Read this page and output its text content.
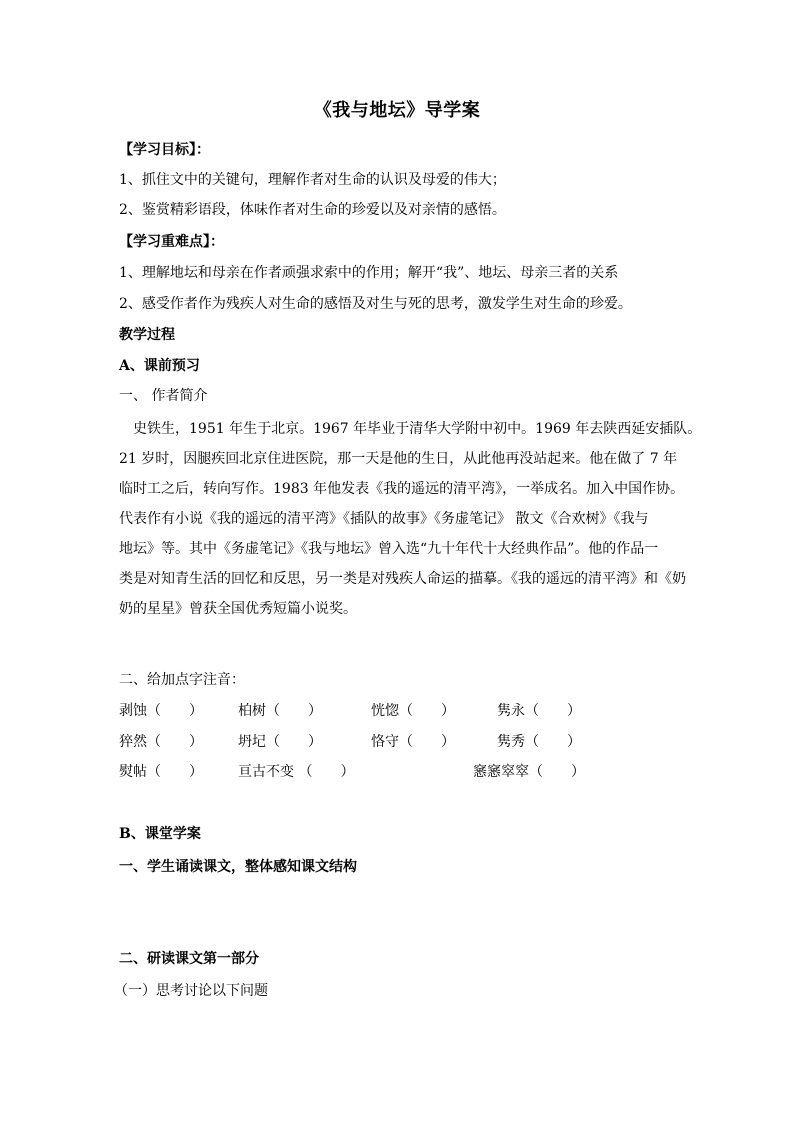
《我与地坛》导学案
【学习目标】：
1、抓住文中的关键句，理解作者对生命的认识及母爱的伟大；
2、鉴赏精彩语段，体味作者对生命的珍爱以及对亲情的感悟。
【学习重难点】：
1、理解地坛和母亲在作者顽强求索中的作用；解开“我”、地坛、母亲三者的关系
2、感受作者作为残疾人对生命的感悟及对生与死的思考，激发学生对生命的珍爱。
教学过程
A、课前预习
一、 作者简介
　史铁生，1951 年生于北京。1967 年毕业于清华大学附中初中。1969 年去陕西延安插队。
21 岁时，因腿疾回北京住进医院，那一天是他的生日，从此他再没站起来。他在做了 7 年
临时工之后，转向写作。1983 年他发表《我的遥远的清平湾》，一举成名。加入中国作协。
代表作有小说《我的遥远的清平湾》《插队的故事》《务虚笔记》 散文《合欢树》《我与
地坛》等。其中《务虚笔记》《我与地坛》曾入选“九十年代十大经典作品”。他的作品一
类是对知青生活的回忆和反思，另一类是对残疾人命运的描摹。《我的遥远的清平湾》和《奶
奶的星星》曾获全国优秀短篇小说奖。
二、给加点字注音：
剥蚀（　　）	柏树（　　）	恍惚（　　）	隽永（　　）
猝然（　　）	坍圮（　　）	恪守（　　）	隽秀（　　）
熨帖（　　）	亘古不变 （　　）	窸窸窣窣（　　）
B、课堂学案
一、学生诵读课文，整体感知课文结构
二、研读课文第一部分
（一）思考讨论以下问题
